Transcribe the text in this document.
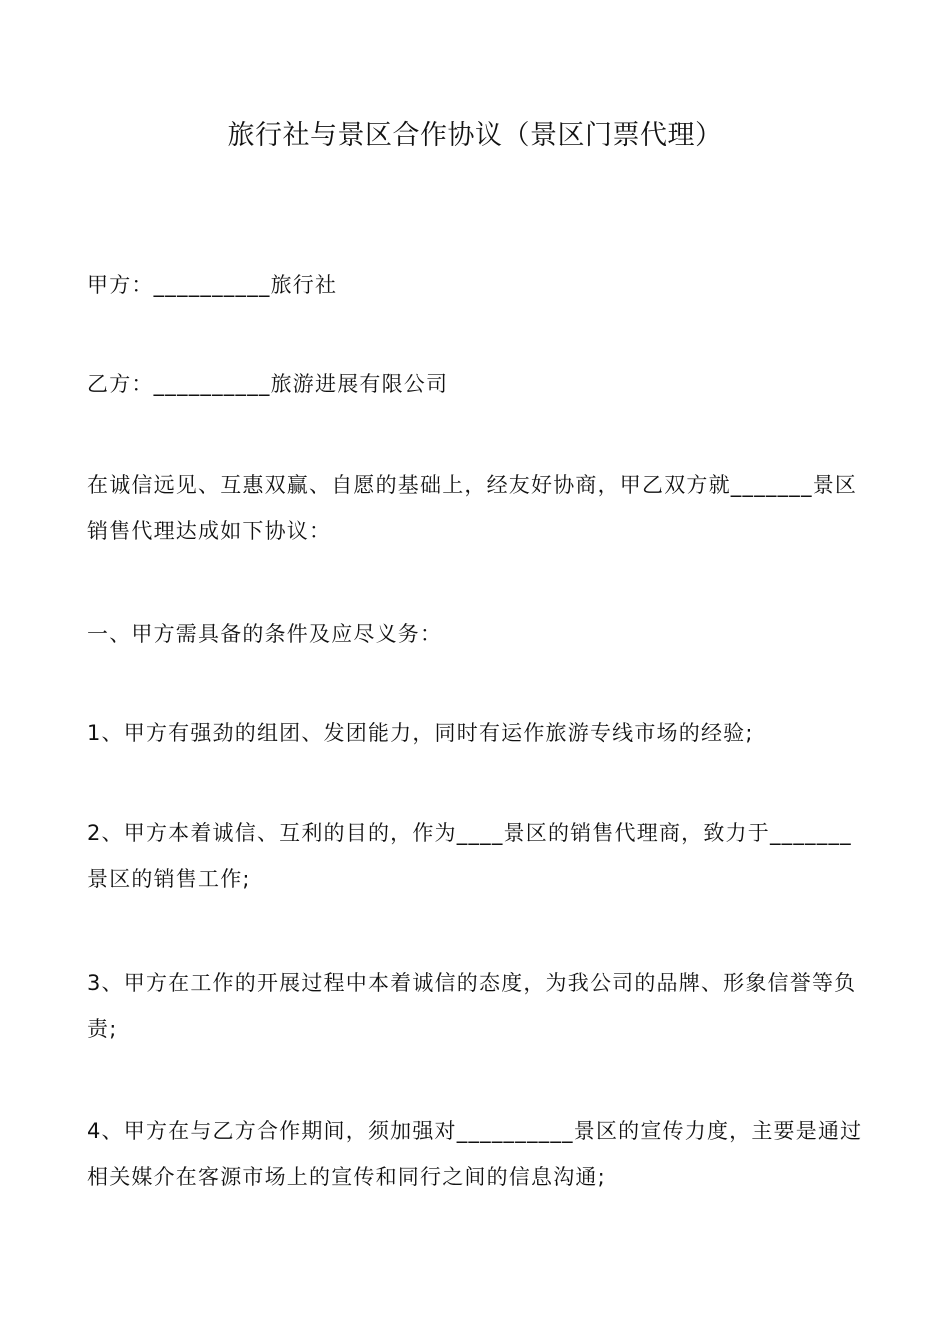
旅行社与景区合作协议（景区门票代理）

甲方：__________旅行社

乙方：__________旅游进展有限公司

在诚信远见、互惠双赢、自愿的基础上，经友好协商，甲乙双方就_______景区销售代理达成如下协议：

一、甲方需具备的条件及应尽义务：

1、甲方有强劲的组团、发团能力，同时有运作旅游专线市场的经验;

2、甲方本着诚信、互利的目的，作为____景区的销售代理商，致力于_______景区的销售工作;

3、甲方在工作的开展过程中本着诚信的态度，为我公司的品牌、形象信誉等负责;

4、甲方在与乙方合作期间，须加强对__________景区的宣传力度，主要是通过相关媒介在客源市场上的宣传和同行之间的信息沟通;
